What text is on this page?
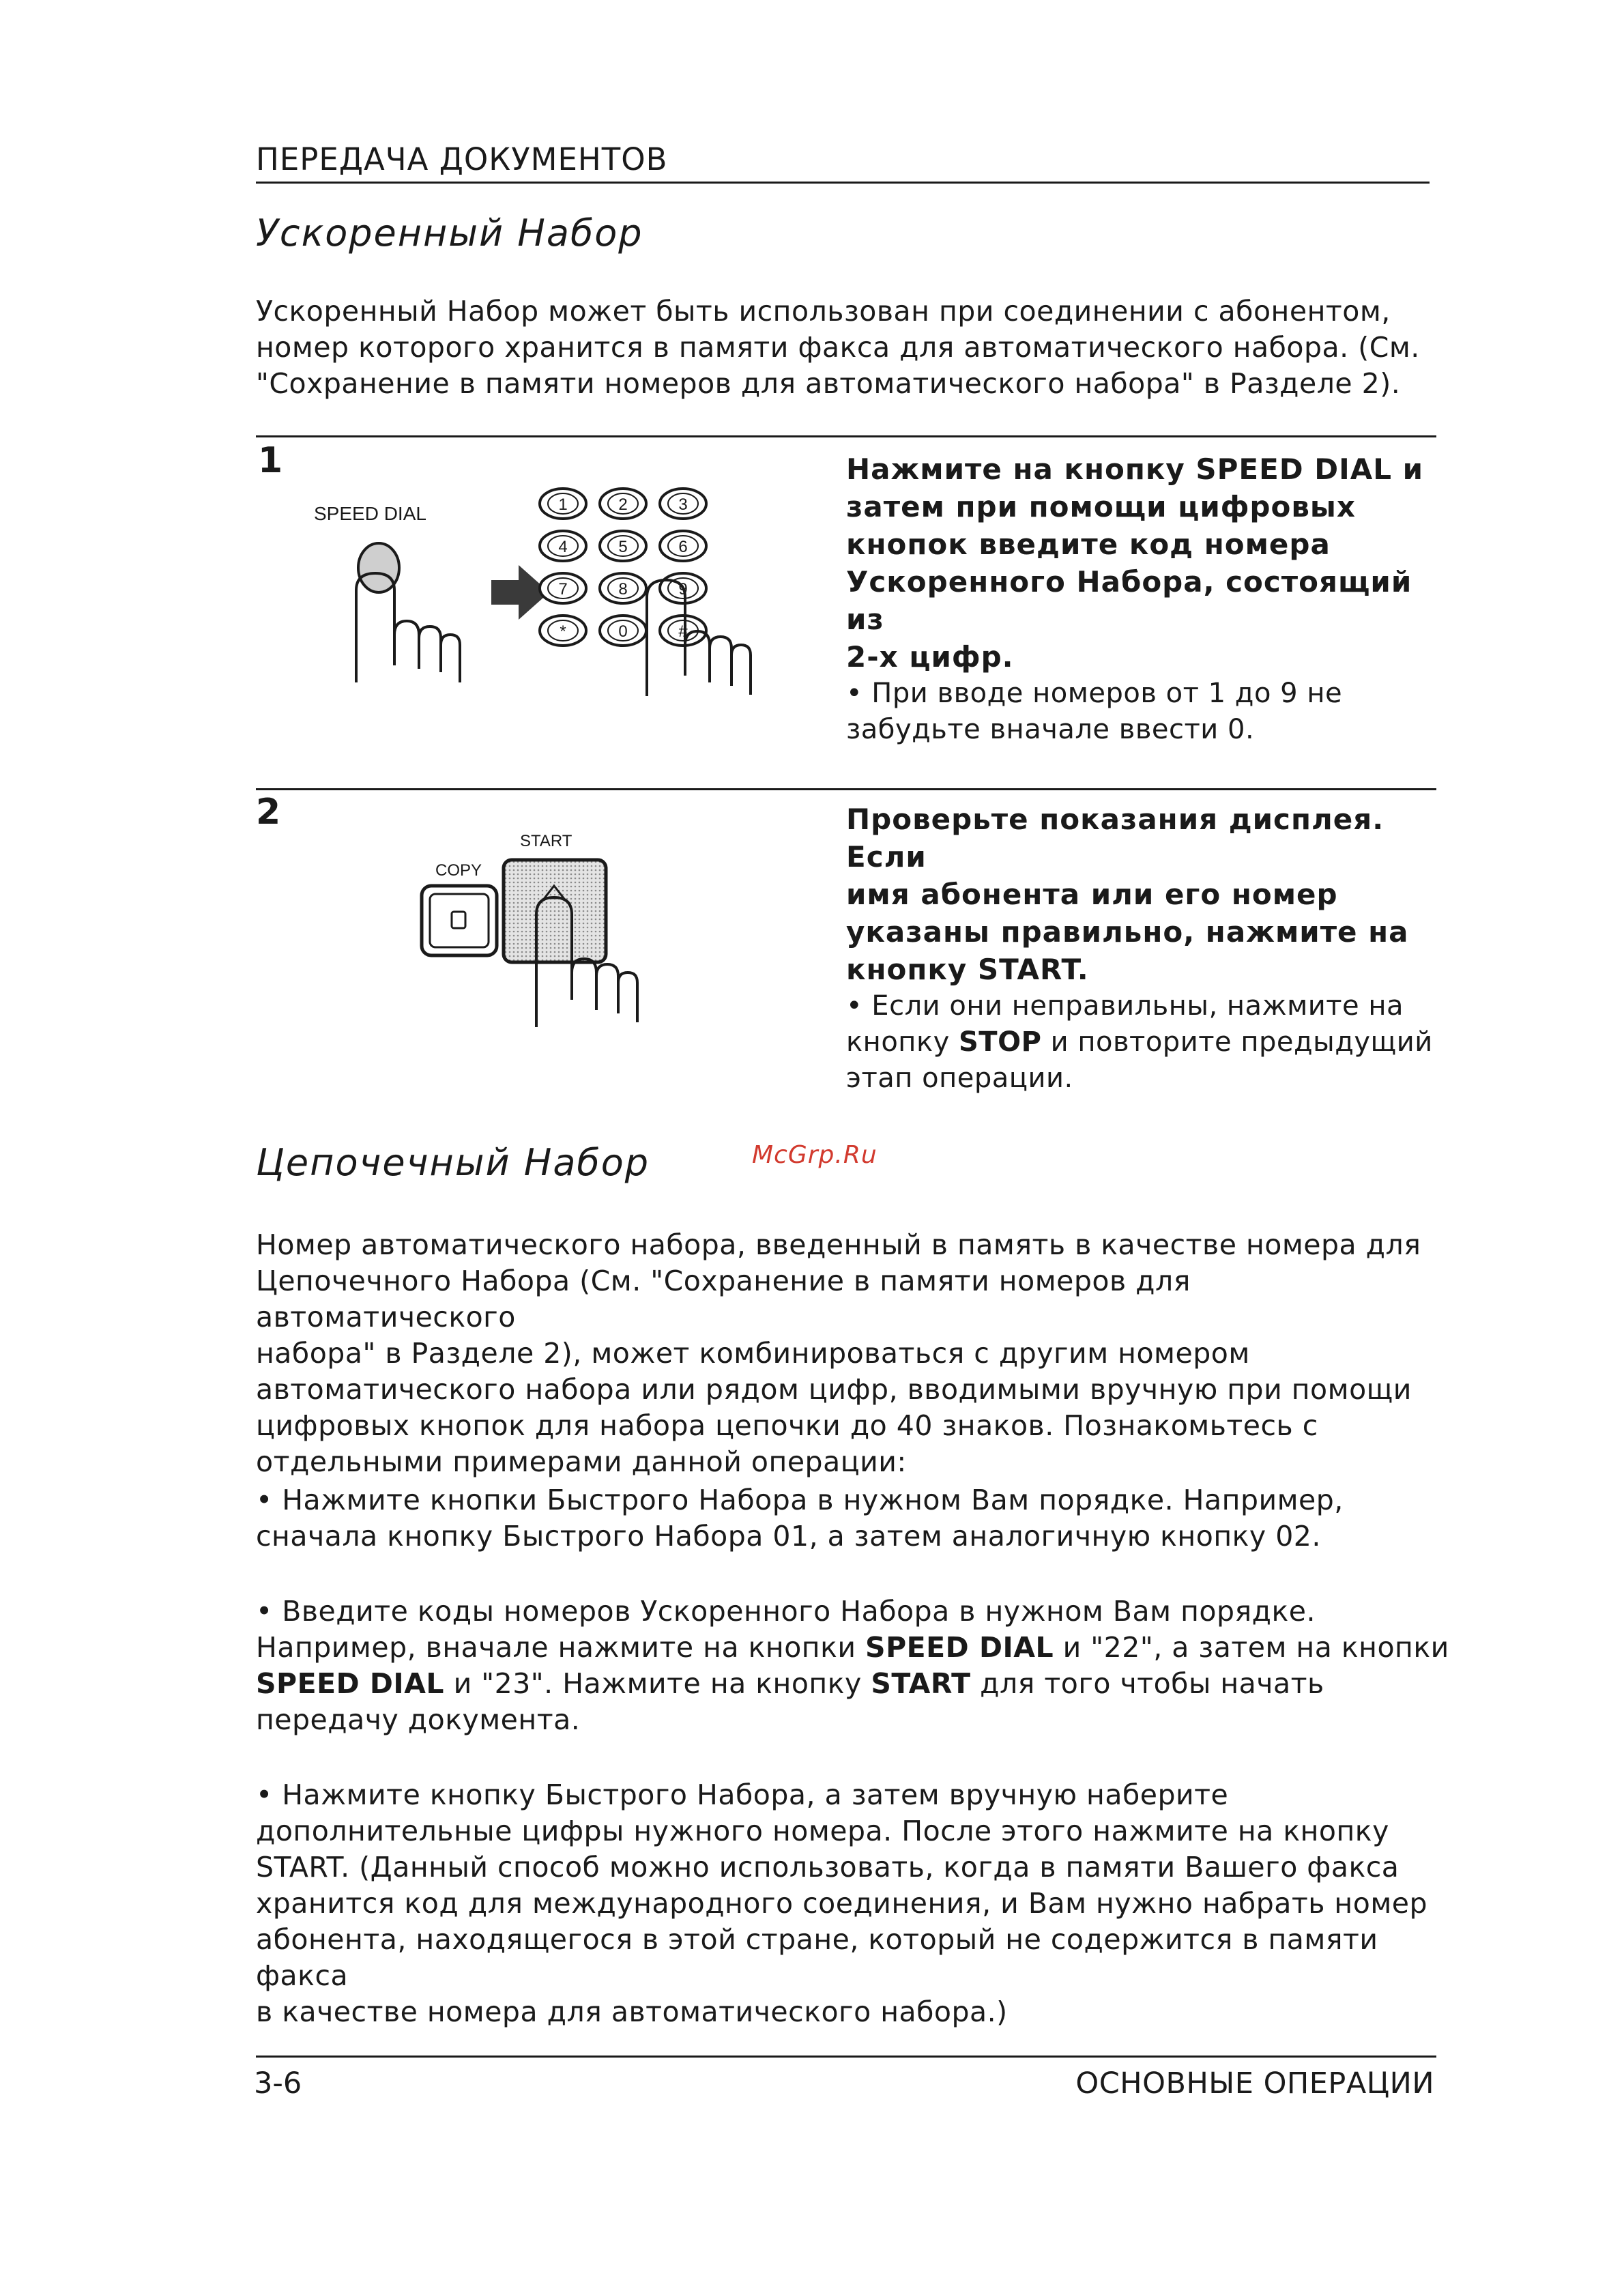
ПЕРЕДАЧА ДОКУМЕНТОВ
Ускоренный Набор
Ускоренный Набор может быть использован при соединении с абонентом,
номер которого хранится в памяти факса для автоматического набора. (См.
"Сохранение в памяти номеров для автоматического набора" в Разделе 2).
1
SPEED DIAL	1	2	3
4	5	6
7	8	9
*	0	#
Нажмите на кнопку SPEED DIAL и
затем при помощи цифровых
кнопок введите код номера
Ускоренного Набора, состоящий из
2-х цифр.
• При вводе номеров от 1 до 9 не
забудьте вначале ввести 0.
2
START
COPY
Проверьте показания дисплея. Если
имя абонента или его номер
указаны правильно, нажмите на
кнопку START.
• Если они неправильны, нажмите на
кнопку STOP и повторите предыдущий
этап операции.
Цепочечный Набор	McGrp.Ru
Номер автоматического набора, введенный в память в качестве номера для
Цепочечного Набора (См. "Сохранение в памяти номеров для автоматического
набора" в Разделе 2), может комбинироваться с другим номером
автоматического набора или рядом цифр, вводимыми вручную при помощи
цифровых кнопок для набора цепочки до 40 знаков. Познакомьтесь с
отдельными примерами данной операции:
• Нажмите кнопки Быстрого Набора в нужном Вам порядке. Например,
сначала кнопку Быстрого Набора 01, а затем аналогичную кнопку 02.
• Введите коды номеров Ускоренного Набора в нужном Вам порядке.
Например, вначале нажмите на кнопки SPEED DIAL и "22", а затем на кнопки
SPEED DIAL и "23". Нажмите на кнопку START для того чтобы начать
передачу документа.
• Нажмите кнопку Быстрого Набора, а затем вручную наберите
дополнительные цифры нужного номера. После этого нажмите на кнопку
START. (Данный способ можно использовать, когда в памяти Вашего факса
хранится код для международного соединения, и Вам нужно набрать номер
абонента, находящегося в этой стране, который не содержится в памяти факса
в качестве номера для автоматического набора.)
3-6	ОСНОВНЫЕ ОПЕРАЦИИ
